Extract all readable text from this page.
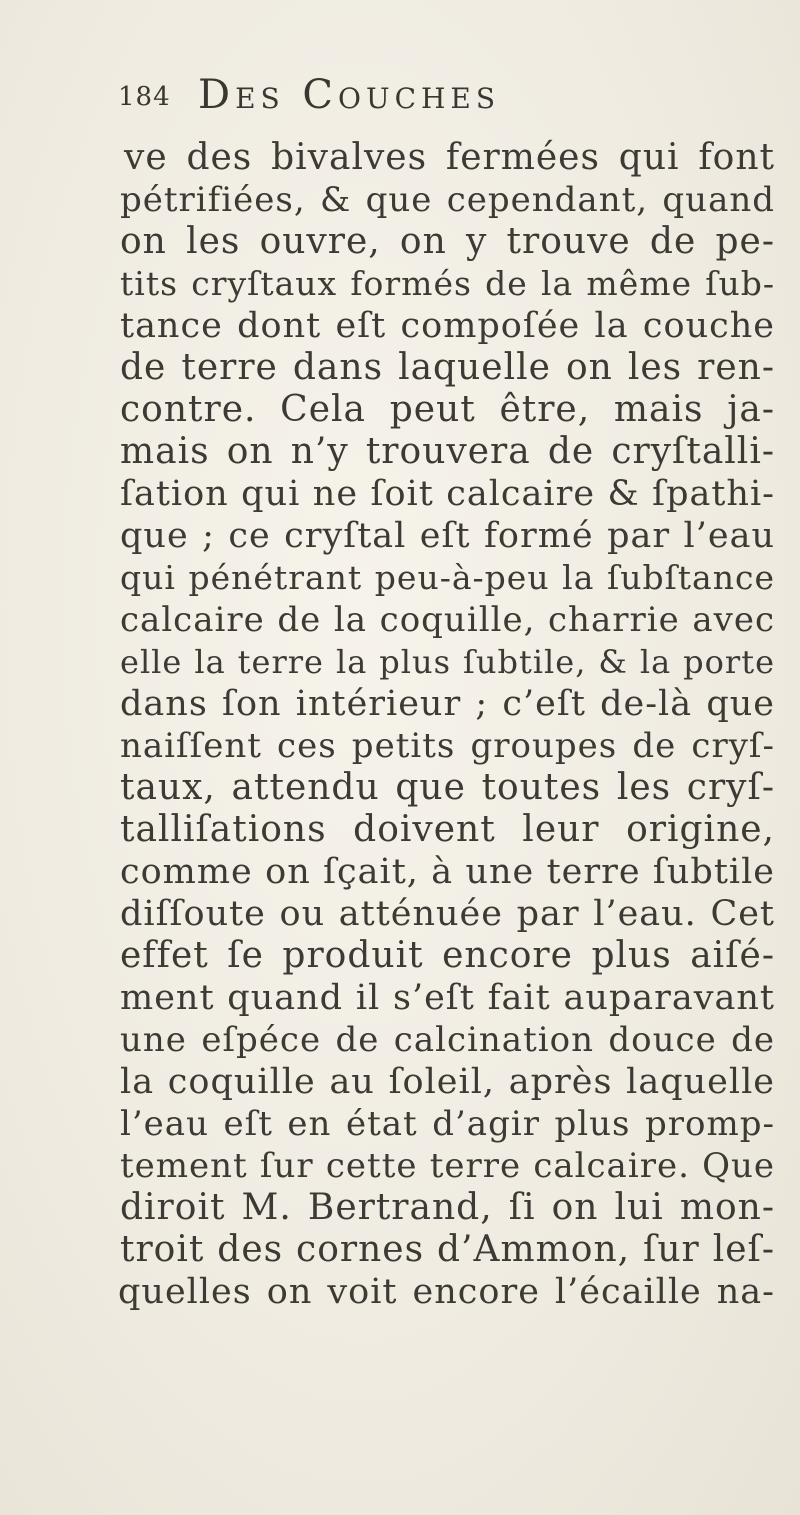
184 Des Couches
ve des bivalves fermées qui font
pétrifiées, & que cependant, quand
on les ouvre, on y trouve de pe-
tits cryſtaux formés de la même ſub-
tance dont eſt compoſée la couche
de terre dans laquelle on les ren-
contre. Cela peut être, mais ja-
mais on n’y trouvera de cryſtalli-
ſation qui ne ſoit calcaire & ſpathi-
que ; ce cryſtal eſt formé par l’eau
qui pénétrant peu-à-peu la ſubſtance
calcaire de la coquille, charrie avec
elle la terre la plus ſubtile, & la porte
dans ſon intérieur ; c’eſt de-là que
naiſſent ces petits groupes de cryſ-
taux, attendu que toutes les cryſ-
talliſations doivent leur origine,
comme on ſçait, à une terre ſubtile
diſſoute ou atténuée par l’eau. Cet
effet ſe produit encore plus aiſé-
ment quand il s’eſt fait auparavant
une eſpéce de calcination douce de
la coquille au ſoleil, après laquelle
l’eau eſt en état d’agir plus promp-
tement ſur cette terre calcaire. Que
diroit M. Bertrand, ſi on lui mon-
troit des cornes d’Ammon, ſur leſ-
quelles on voit encore l’écaille na-
